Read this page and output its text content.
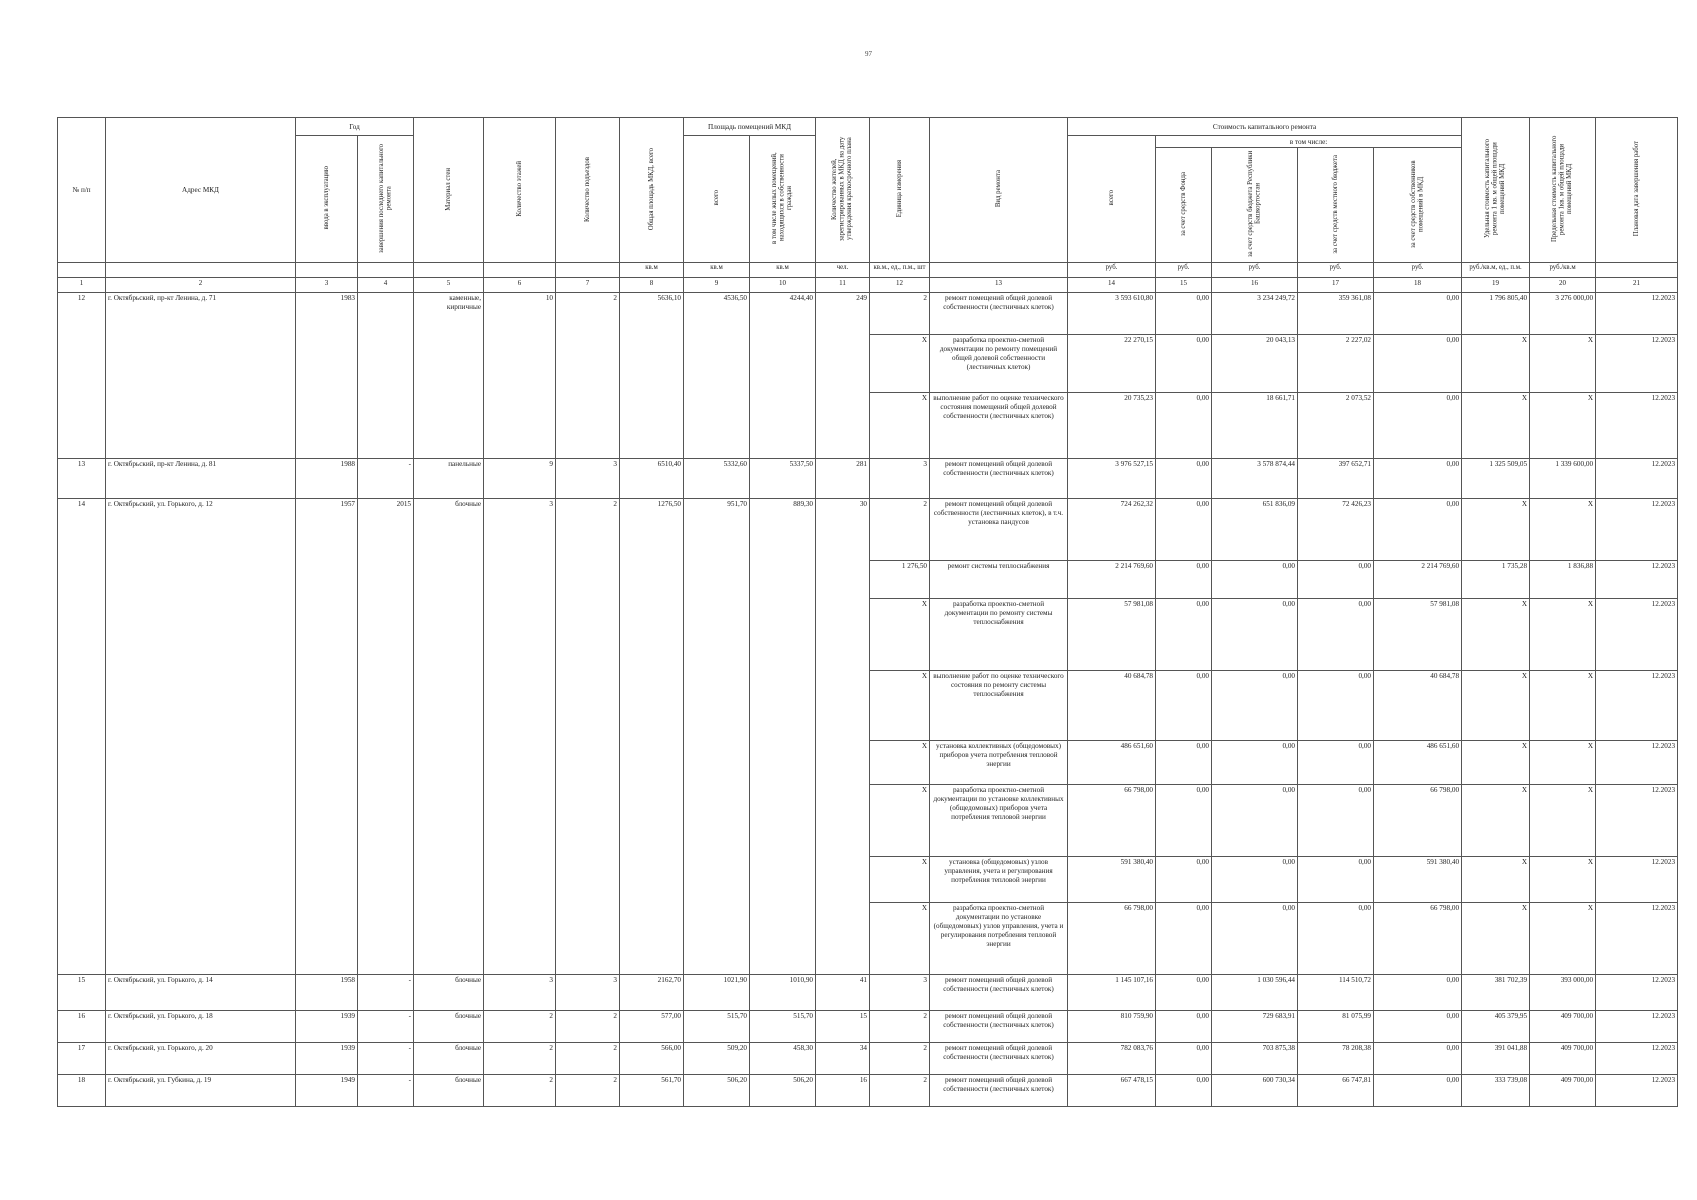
97
№ п/п	Адрес МКД	Год		Материал стен	Количество этажей	Количество подъездов	Общая площадь МКД, всего	Площадь помещений МКД		Количество жителей, зарегистрированных в МКД на дату утверждения краткосрочного плана	Единица измерения	Вид ремонта	Стоимость капитального ремонта					Удельная стоимость капитального ремонта 1 кв. м общей площади помещений МКД	Предельная стоимость капитального ремонта 1кв. м общей площади помещений МКД	Плановая дата завершения работ
		ввода в эксплуатацию	завершения последнего капитального ремонта					всего	в том числе жилых помещений, находящихся в собственности граждан				всего	в том числе:						
														за счет средств Фонда	за счет средств бюджета Республики Башкортостан	за счет средств местного бюджета	за счет средств собственников помещений в МКД			
							кв.м	кв.м	кв.м	чел.	кв.м., ед., п.м., шт		руб.	руб.	руб.	руб.	руб.	руб./кв.м, ед., п.м.	руб./кв.м	
1	2	3	4	5	6	7	8	9	10	11	12	13	14	15	16	17	18	19	20	21
12	г. Октябрьский, пр-кт Ленина, д. 71	1983		каменные, кирпичные	10	2	5636,10	4536,50	4244,40	249	2	ремонт помещений общей долевой собственности (лестничных клеток)	3 593 610,80	0,00	3 234 249,72	359 361,08	0,00	1 796 805,40	3 276 000,00	12.2023
											X	разработка проектно-сметной документации по ремонту помещений общей долевой собственности (лестничных клеток)	22 270,15	0,00	20 043,13	2 227,02	0,00	X	X	12.2023
											X	выполнение работ по оценке технического состояния помещений общей долевой собственности (лестничных клеток)	20 735,23	0,00	18 661,71	2 073,52	0,00	X	X	12.2023
13	г. Октябрьский, пр-кт Ленина, д. 81	1988	-	панельные	9	3	6510,40	5332,60	5337,50	281	3	ремонт помещений общей долевой собственности (лестничных клеток)	3 976 527,15	0,00	3 578 874,44	397 652,71	0,00	1 325 509,05	1 339 600,00	12.2023
14	г. Октябрьский, ул. Горького, д. 12	1957	2015	блочные	3	2	1276,50	951,70	889,30	30	2	ремонт помещений общей долевой собственности (лестничных клеток), в т.ч. установка пандусов	724 262,32	0,00	651 836,09	72 426,23	0,00	X	X	12.2023
											1 276,50	ремонт системы теплоснабжения	2 214 769,60	0,00	0,00	0,00	2 214 769,60	1 735,28	1 836,88	12.2023
											X	разработка проектно-сметной документации по ремонту системы теплоснабжения	57 981,08	0,00	0,00	0,00	57 981,08	X	X	12.2023
											X	выполнение работ по оценке технического состояния по ремонту системы теплоснабжения	40 684,78	0,00	0,00	0,00	40 684,78	X	X	12.2023
											X	установка коллективных (общедомовых) приборов учета потребления тепловой энергии	486 651,60	0,00	0,00	0,00	486 651,60	X	X	12.2023
											X	разработка проектно-сметной документации по установке коллективных (общедомовых) приборов учета потребления тепловой энергии	66 798,00	0,00	0,00	0,00	66 798,00	X	X	12.2023
											X	установка (общедомовых) узлов управления, учета и регулирования потребления тепловой энергии	591 380,40	0,00	0,00	0,00	591 380,40	X	X	12.2023
											X	разработка проектно-сметной документации по установке (общедомовых) узлов управления, учета и регулирования потребления тепловой энергии	66 798,00	0,00	0,00	0,00	66 798,00	X	X	12.2023
15	г. Октябрьский, ул. Горького, д. 14	1958	-	блочные	3	3	2162,70	1021,90	1010,90	41	3	ремонт помещений общей долевой собственности (лестничных клеток)	1 145 107,16	0,00	1 030 596,44	114 510,72	0,00	381 702,39	393 000,00	12.2023
16	г. Октябрьский, ул. Горького, д. 18	1939	-	блочные	2	2	577,00	515,70	515,70	15	2	ремонт помещений общей долевой собственности (лестничных клеток)	810 759,90	0,00	729 683,91	81 075,99	0,00	405 379,95	409 700,00	12.2023
17	г. Октябрьский, ул. Горького, д. 20	1939	-	блочные	2	2	566,00	509,20	458,30	34	2	ремонт помещений общей долевой собственности (лестничных клеток)	782 083,76	0,00	703 875,38	78 208,38	0,00	391 041,88	409 700,00	12.2023
18	г. Октябрьский, ул. Губкина, д. 19	1949	-	блочные	2	2	561,70	506,20	506,20	16	2	ремонт помещений общей долевой собственности (лестничных клеток)	667 478,15	0,00	600 730,34	66 747,81	0,00	333 739,08	409 700,00	12.2023
